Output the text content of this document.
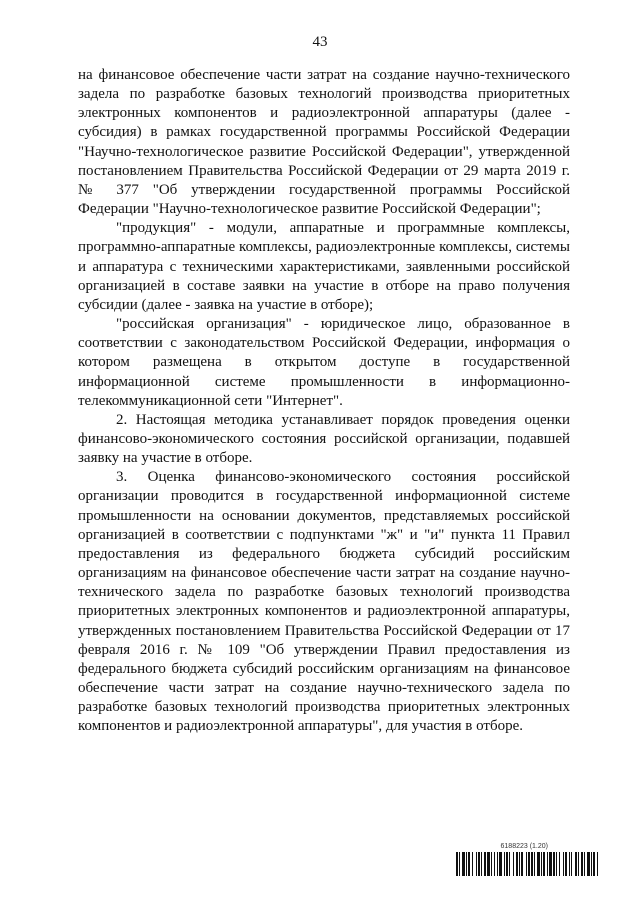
43

на финансовое обеспечение части затрат на создание научно-технического задела по разработке базовых технологий производства приоритетных электронных компонентов и радиоэлектронной аппаратуры (далее - субсидия) в рамках государственной программы Российской Федерации "Научно-технологическое развитие Российской Федерации", утвержденной постановлением Правительства Российской Федерации от 29 марта 2019 г. № 377 "Об утверждении государственной программы Российской Федерации "Научно-технологическое развитие Российской Федерации";

"продукция" - модули, аппаратные и программные комплексы, программно-аппаратные комплексы, радиоэлектронные комплексы, системы и аппаратура с техническими характеристиками, заявленными российской организацией в составе заявки на участие в отборе на право получения субсидии (далее - заявка на участие в отборе);

"российская организация" - юридическое лицо, образованное в соответствии с законодательством Российской Федерации, информация о котором размещена в открытом доступе в государственной информационной системе промышленности в информационно-телекоммуникационной сети "Интернет".

2. Настоящая методика устанавливает порядок проведения оценки финансово-экономического состояния российской организации, подавшей заявку на участие в отборе.

3. Оценка финансово-экономического состояния российской организации проводится в государственной информационной системе промышленности на основании документов, представляемых российской организацией в соответствии с подпунктами "ж" и "и" пункта 11 Правил предоставления из федерального бюджета субсидий российским организациям на финансовое обеспечение части затрат на создание научно-технического задела по разработке базовых технологий производства приоритетных электронных компонентов и радиоэлектронной аппаратуры, утвержденных постановлением Правительства Российской Федерации от 17 февраля 2016 г. № 109 "Об утверждении Правил предоставления из федерального бюджета субсидий российским организациям на финансовое обеспечение части затрат на создание научно-технического задела по разработке базовых технологий производства приоритетных электронных компонентов и радиоэлектронной аппаратуры", для участия в отборе.

6188223 (1.20)
